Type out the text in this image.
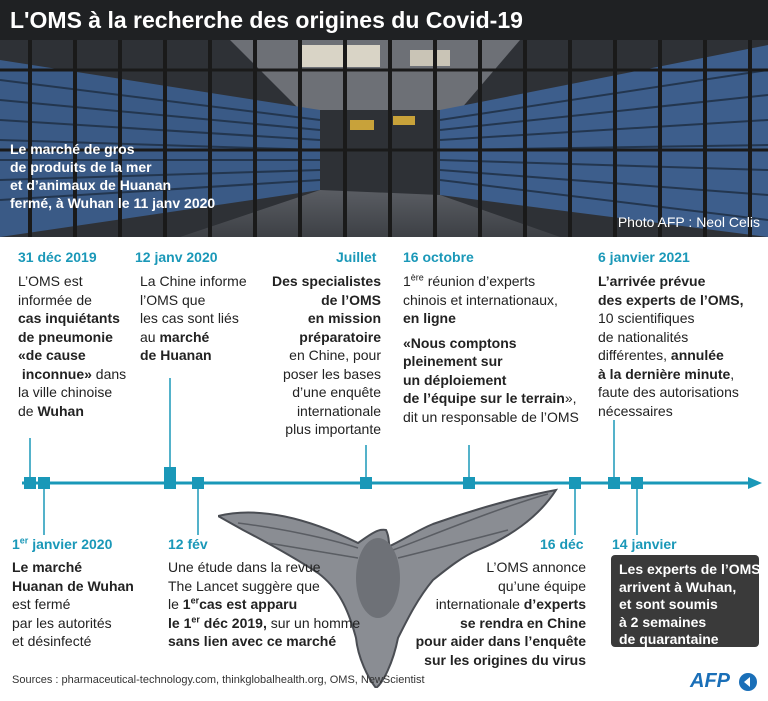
L'OMS à la recherche des origines du Covid-19
Le marché de gros
de produits de la mer
et d’animaux de Huanan
fermé, à Wuhan le 11 janv 2020
Photo AFP : Neol Celis
31 déc 2019
L’OMS est
informée de
cas inquiétants
de pneumonie
«de cause
inconnue» dans
la ville chinoise
de Wuhan
12 janv 2020
La Chine informe
l’OMS que
les cas sont liés
au marché
de Huanan
Juillet
Des specialistes
de l’OMS
en mission
préparatoire
en Chine, pour
poser les bases
d’une enquête
internationale
plus importante
16 octobre
1ère réunion d’experts
chinois et internationaux,
en ligne
«Nous comptons
pleinement sur
un déploiement
de l’équipe sur le terrain»,
dit un responsable de l’OMS
6 janvier 2021
L’arrivée prévue
des experts de l’OMS,
10 scientifiques
de nationalités
différentes, annulée
à la dernière minute,
faute des autorisations
nécessaires
1er janvier 2020
Le marché
Huanan de Wuhan
est fermé
par les autorités
et désinfecté
12 fév
Une étude dans la revue
The Lancet suggère que
le 1ercas est apparu
le 1er déc 2019, sur un homme
sans lien avec ce marché
16 déc
L’OMS annonce
qu’une équipe
internationale d’experts
se rendra en Chine
pour aider dans l’enquête
sur les origines du virus
14 janvier
Les experts de l’OMS
arrivent à Wuhan,
et sont soumis
à 2 semaines
de quarantaine
Sources : pharmaceutical-technology.com, thinkglobalhealth.org, OMS, NewScientist	AFP
